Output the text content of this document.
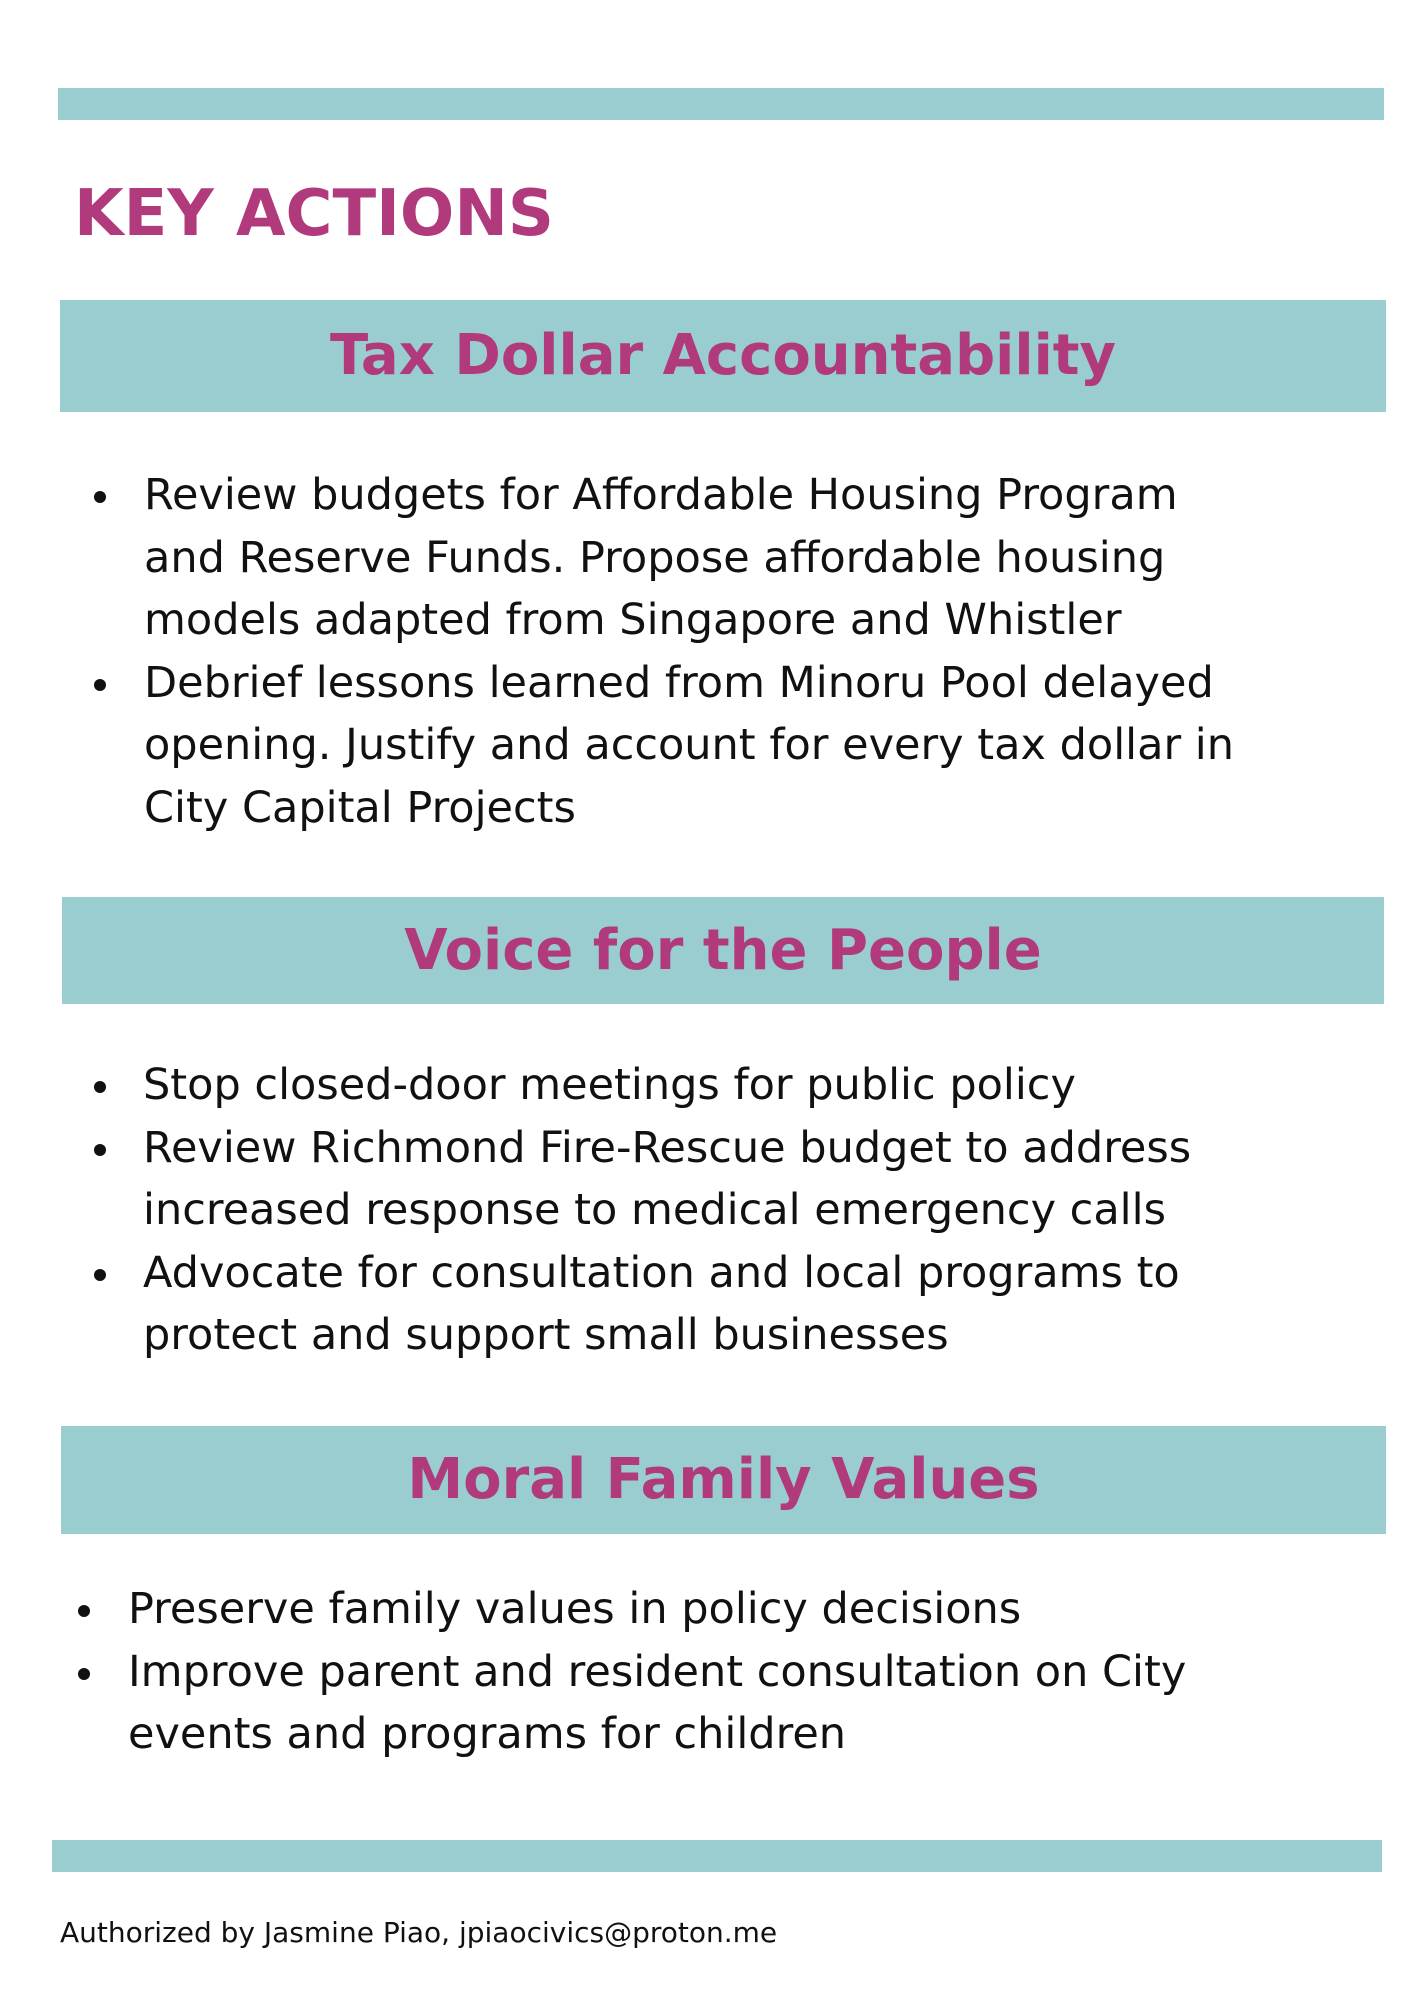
KEY ACTIONS
Tax Dollar Accountability
Review budgets for Affordable Housing Program
and Reserve Funds. Propose affordable housing
models adapted from Singapore and Whistler
Debrief lessons learned from Minoru Pool delayed
opening. Justify and account for every tax dollar in
City Capital Projects
Voice for the People
Stop closed-door meetings for public policy
Review Richmond Fire-Rescue budget to address
increased response to medical emergency calls
Advocate for consultation and local programs to
protect and support small businesses
Moral Family Values
Preserve family values in policy decisions
Improve parent and resident consultation on City
events and programs for children

Authorized by Jasmine Piao, jpiaocivics@proton.me
